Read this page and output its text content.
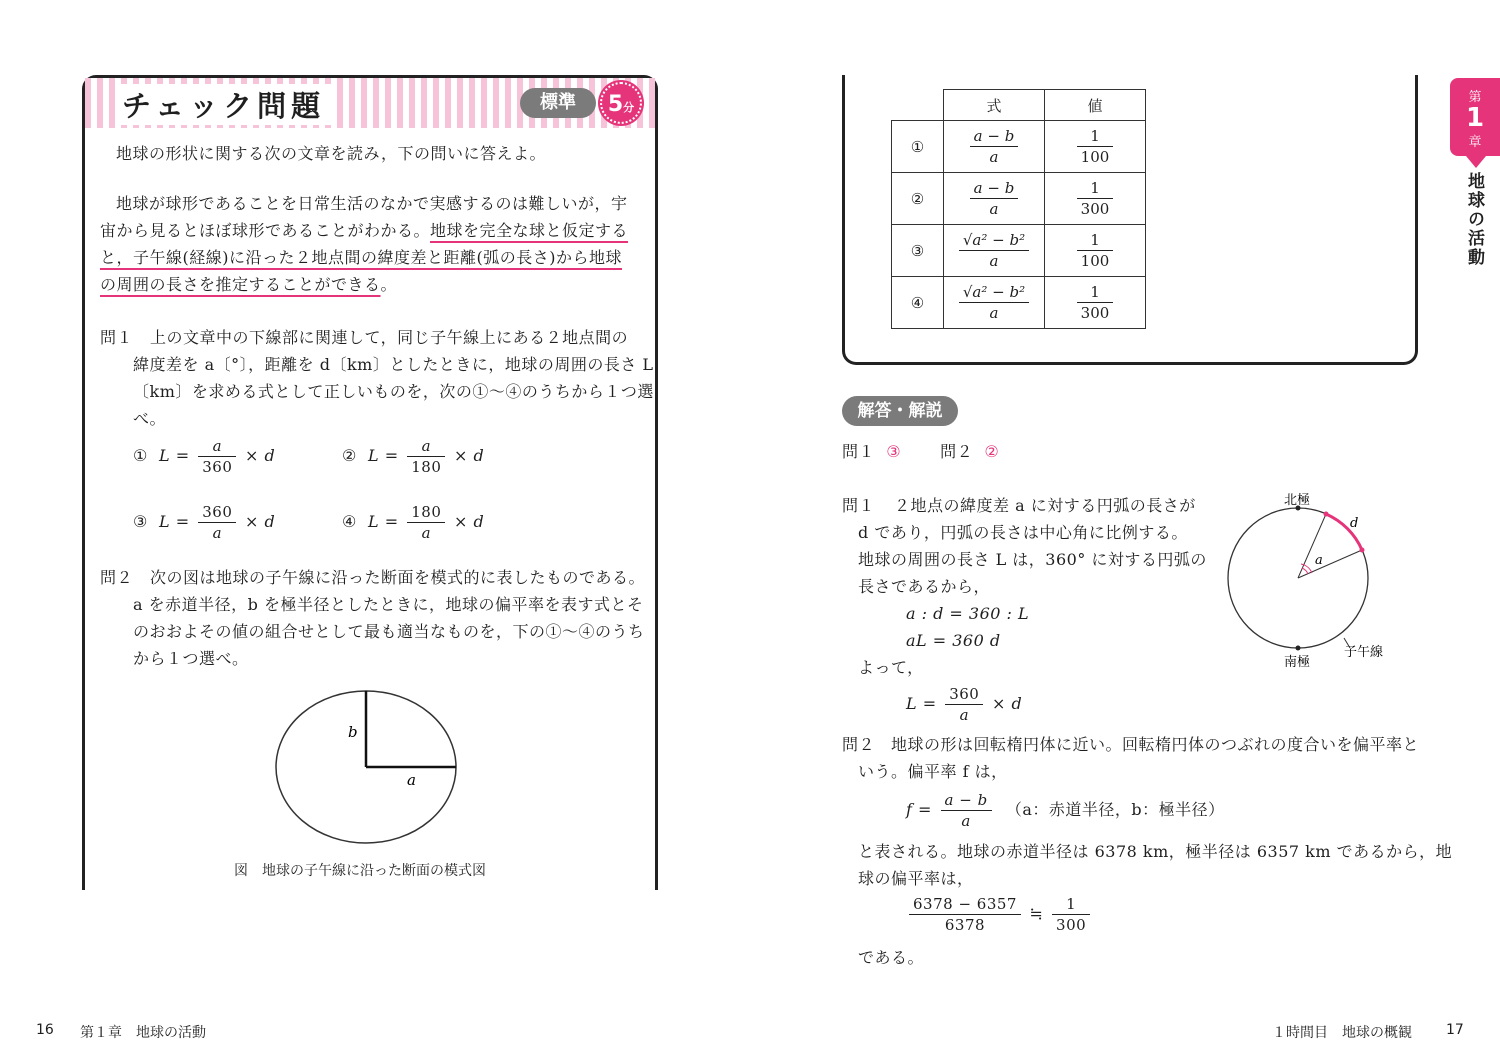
チェック問題	標準	5分
地球の形状に関する次の文章を読み，下の問いに答えよ。
地球が球形であることを日常生活のなかで実感するのは難しいが，宇
宙から見るとほぼ球形であることがわかる。地球を完全な球と仮定する
と，子午線(経線)に沿った２地点間の緯度差と距離(弧の長さ)から地球
の周囲の長さを推定することができる。
問１ 上の文章中の下線部に関連して，同じ子午線上にある２地点間の
緯度差を a〔°〕，距離を d〔km〕としたときに，地球の周囲の長さ L
〔km〕を求める式として正しいものを，次の①～④のうちから１つ選
べ。
① $L = \frac{a}{360} \times d$	② $L = \frac{a}{180} \times d$
③ $L = \frac{360}{a} \times d$	④ $L = \frac{180}{a} \times d$
問２ 次の図は地球の子午線に沿った断面を模式的に表したものである。
a を赤道半径，b を極半径としたときに，地球の偏平率を表す式とそ
のおおよその値の組合せとして最も適当なものを，下の①～④のうち
から１つ選べ。
b
a
図　地球の子午線に沿った断面の模式図
	式	値
①	$\frac{a - b}{a}$	$\frac{1}{100}$

②	$\frac{a - b}{a}$	$\frac{1}{300}$

③	$\frac{\text{√a² − b²}}{a}$	$\frac{1}{100}$

④	$\frac{\text{√a² − b²}}{a}$	$\frac{1}{300}$
解答・解説
問１ ③ 問２ ②
問１ ２地点の緯度差 a に対する円弧の長さが
d であり，円弧の長さは中心角に比例する。
地球の周囲の長さ L は，360° に対する円弧の
長さであるから，
a : d = 360 : L
aL = 360 d
よって，
$L = \frac{360}{a} \times d$
北極
南極
子午線
a
d
問２ 地球の形は回転楕円体に近い。回転楕円体のつぶれの度合いを偏平率と
いう。偏平率 f は，
$f = \frac{a - b}{a} (a$：赤道半径，b：極半径）
と表される。地球の赤道半径は 6378 km，極半径は 6357 km であるから，地
球の偏平率は，
$\frac{6378 - 6357}{6378}$ ≒ $\frac{1}{300}$
である。
第
1
章
地球の活動
16 第１章　地球の活動	１時間目　地球の概観 17
